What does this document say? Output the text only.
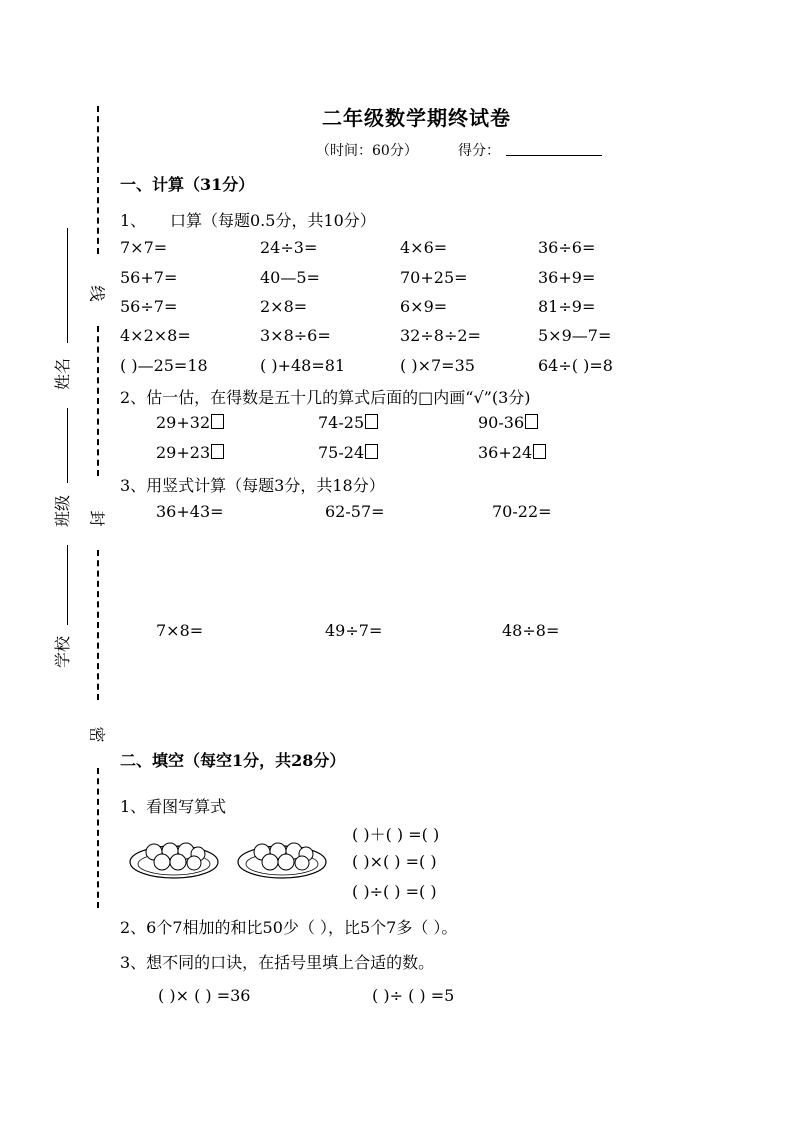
线
封
密
学校
班级
姓名
二年级数学期终试卷
（时间：60分）	得分：
一、计算（31分）
1、 口算（每题0.5分，共10分）
7×7=	24÷3=	4×6=	36÷6=
56+7=	40—5=	70+25=	36+9=
56÷7=	2×8=	6×9=	81÷9=
4×2×8=	3×8÷6=	32÷8÷2=	5×9—7=
( )—25=18	( )+48=81	( )×7=35	64÷( )=8
2、估一估，在得数是五十几的算式后面的□内画“√”(3分)
29+32	74-25	90-36
29+23	75-24	36+24
3、用竖式计算（每题3分，共18分）
36+43=	62-57=	70-22=
7×8=	49÷7=	48÷8=
二、填空（每空1分，共28分）
1、看图写算式
( )＋( ) =( )
( )×( ) =( )
( )÷( ) =( )
2、6个7相加的和比50少（ ），比5个7多（ ）。
3、想不同的口诀，在括号里填上合适的数。
( )× ( ) =36	( )÷ ( ) =5
